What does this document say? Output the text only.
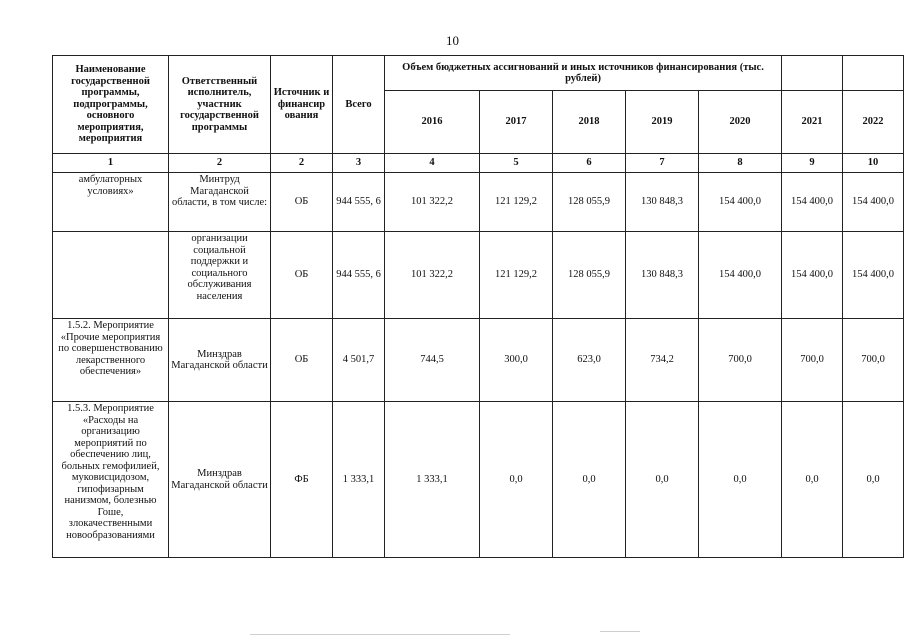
10
Наименование государственной программы, подпрограммы, основного мероприятия, мероприятия	Ответственный исполнитель, участник государственной программы	Источник и финансир ования	Всего	Объем бюджетных ассигнований и иных источников финансирования (тыс. рублей)						
				2016	2017	2018	2019	2020	2021	2022
1	2	2	3	4	5	6	7	8	9	10
амбулаторных условиях»	Минтруд Магаданской области, в том числе:	ОБ	944 555, 6	101 322,2	121 129,2	128 055,9	130 848,3	154 400,0	154 400,0	154 400,0
	организации социальной поддержки и социального обслуживания населения	ОБ	944 555, 6	101 322,2	121 129,2	128 055,9	130 848,3	154 400,0	154 400,0	154 400,0
1.5.2. Мероприятие «Прочие мероприятия по совершенствованию лекарственного обеспечения»	Минздрав Магаданской области	ОБ	4 501,7	744,5	300,0	623,0	734,2	700,0	700,0	700,0
1.5.3. Мероприятие «Расходы на организацию мероприятий по обеспечению лиц, больных гемофилией, муковисцидозом, гипофизарным нанизмом, болезнью Гоше, злокачественными новообразованиями	Минздрав Магаданской области	ФБ	1 333,1	1 333,1	0,0	0,0	0,0	0,0	0,0	0,0
